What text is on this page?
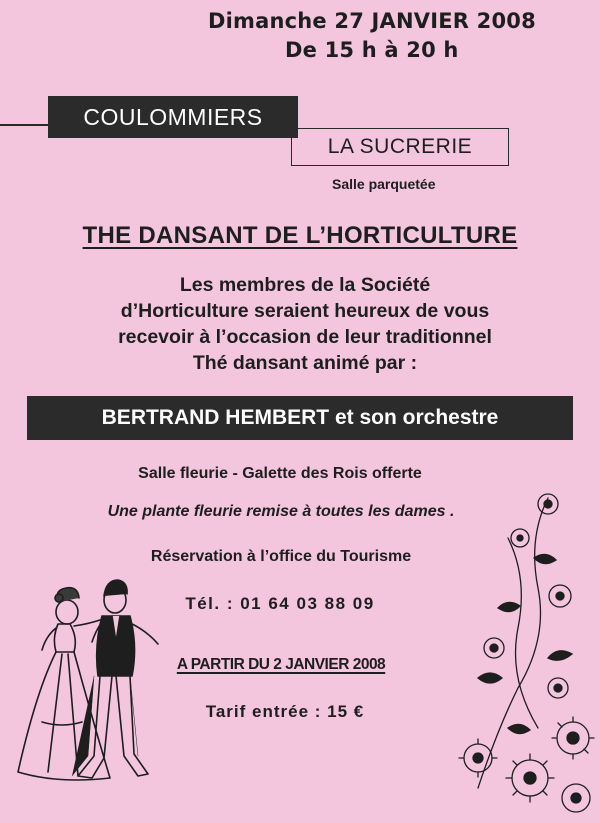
Dimanche 27 JANVIER 2008
De 15 h à 20 h
COULOMMIERS
LA SUCRERIE
Salle parquetée
THE DANSANT DE L’HORTICULTURE
Les membres de la Société
d’Horticulture seraient heureux de vous
recevoir à l’occasion de leur traditionnel
Thé dansant animé par :
BERTRAND HEMBERT et son orchestre
Salle fleurie - Galette des Rois offerte
Une plante fleurie remise à toutes les dames .
Réservation à l’office du Tourisme
Tél. : 01 64 03 88 09
A PARTIR DU 2 JANVIER 2008
Tarif entrée : 15 €
